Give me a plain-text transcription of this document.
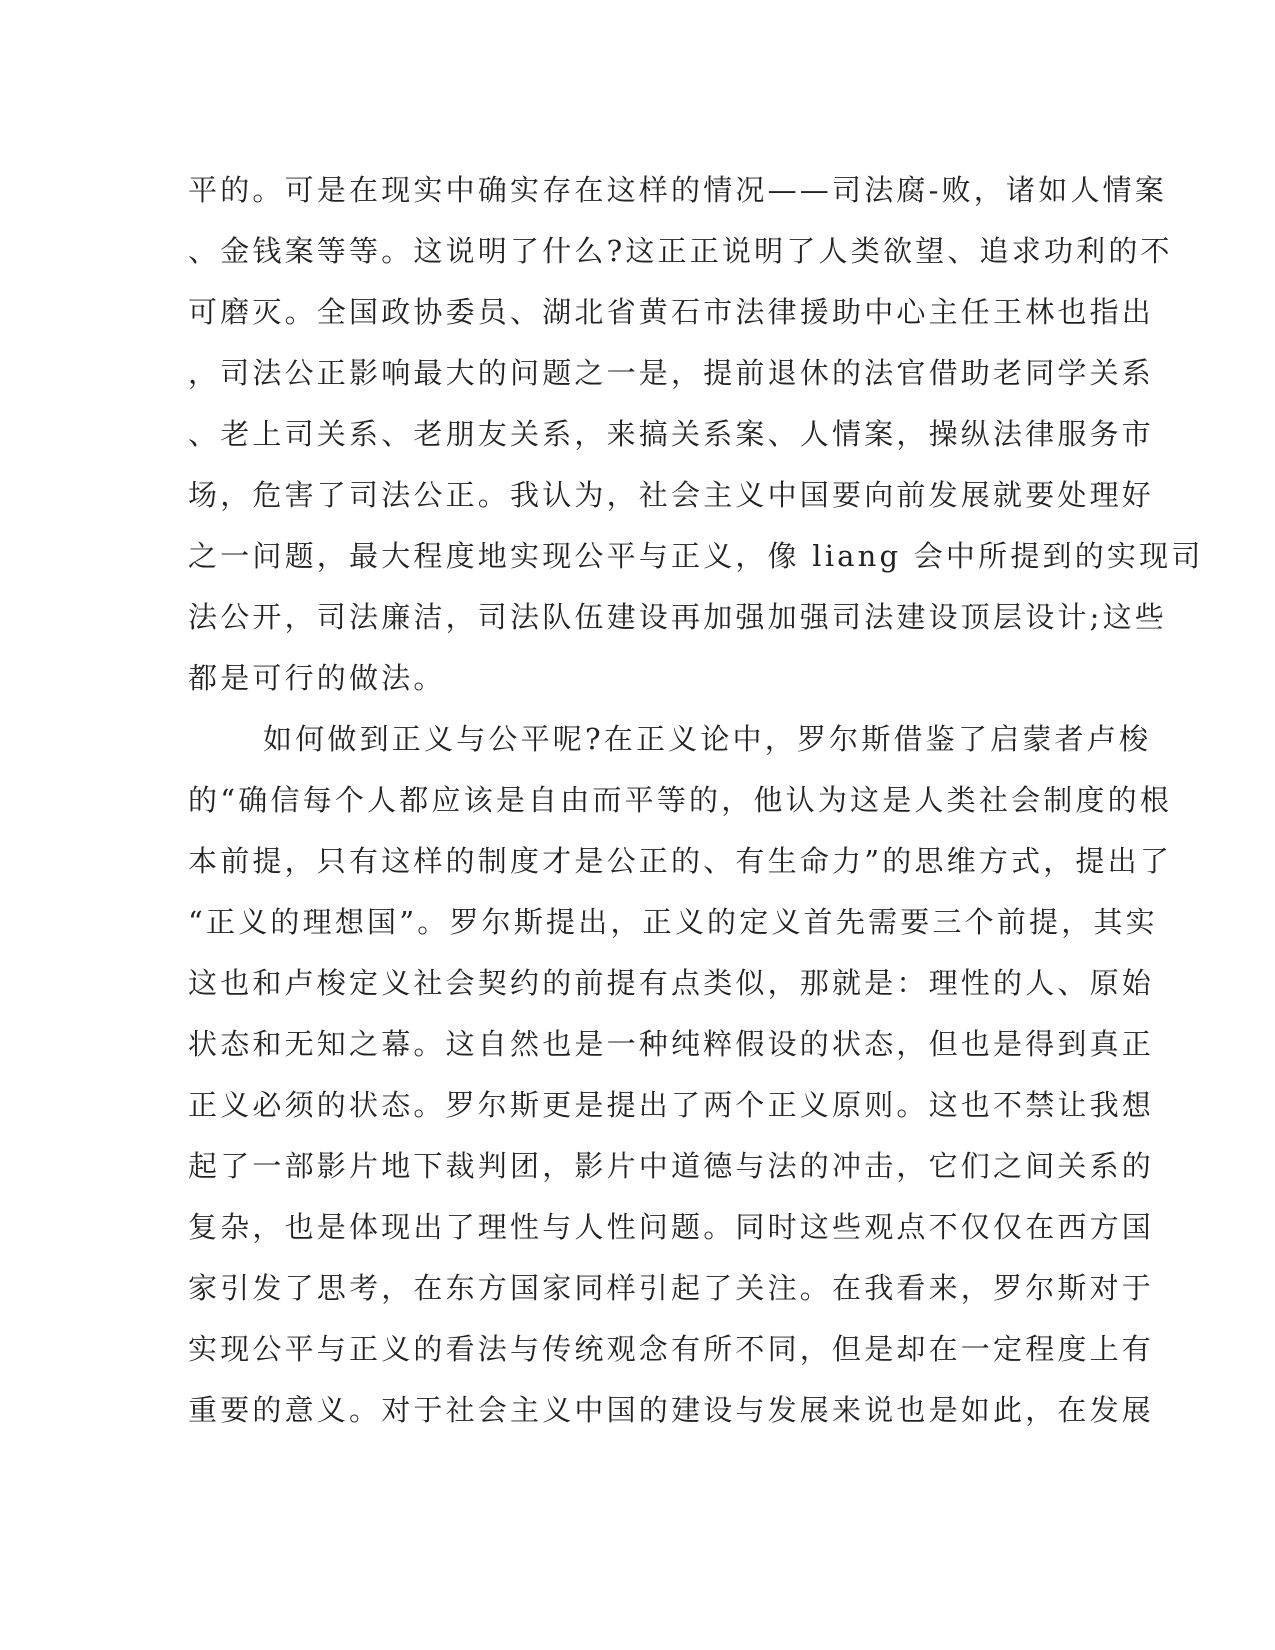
平的。可是在现实中确实存在这样的情况——司法腐-败，诸如人情案
、金钱案等等。这说明了什么?这正正说明了人类欲望、追求功利的不
可磨灭。全国政协委员、湖北省黄石市法律援助中心主任王林也指出
，司法公正影响最大的问题之一是，提前退休的法官借助老同学关系
、老上司关系、老朋友关系，来搞关系案、人情案，操纵法律服务市
场，危害了司法公正。我认为，社会主义中国要向前发展就要处理好
之一问题，最大程度地实现公平与正义，像 liang 会中所提到的实现司
法公开，司法廉洁，司法队伍建设再加强加强司法建设顶层设计;这些
都是可行的做法。
如何做到正义与公平呢?在正义论中，罗尔斯借鉴了启蒙者卢梭
的“确信每个人都应该是自由而平等的，他认为这是人类社会制度的根
本前提，只有这样的制度才是公正的、有生命力”的思维方式，提出了
“正义的理想国”。罗尔斯提出，正义的定义首先需要三个前提，其实
这也和卢梭定义社会契约的前提有点类似，那就是：理性的人、原始
状态和无知之幕。这自然也是一种纯粹假设的状态，但也是得到真正
正义必须的状态。罗尔斯更是提出了两个正义原则。这也不禁让我想
起了一部影片地下裁判团，影片中道德与法的冲击，它们之间关系的
复杂，也是体现出了理性与人性问题。同时这些观点不仅仅在西方国
家引发了思考，在东方国家同样引起了关注。在我看来，罗尔斯对于
实现公平与正义的看法与传统观念有所不同，但是却在一定程度上有
重要的意义。对于社会主义中国的建设与发展来说也是如此，在发展
